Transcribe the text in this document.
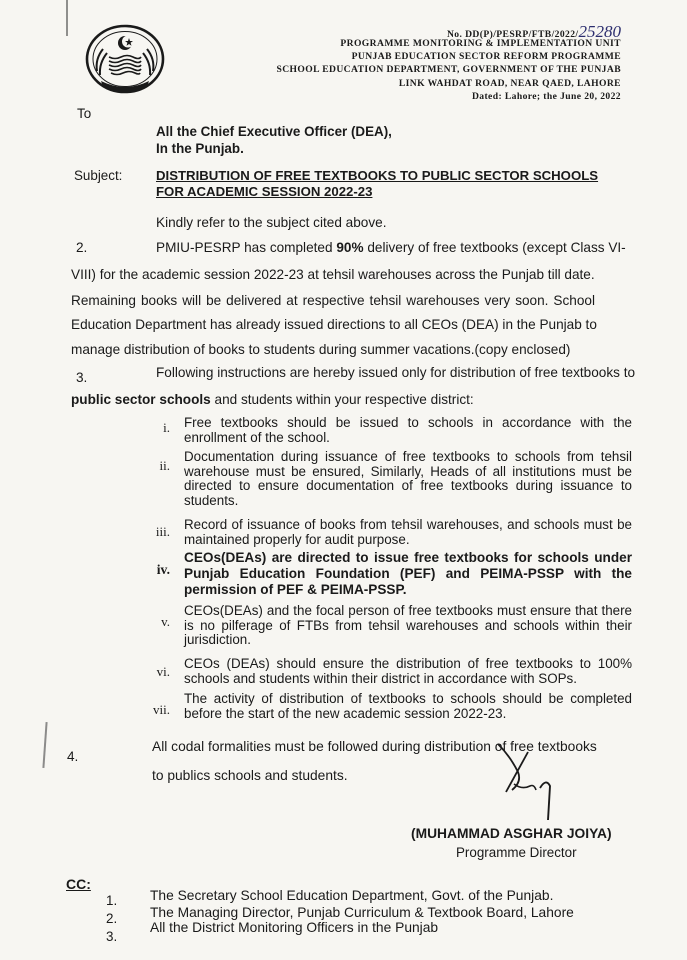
No. DD(P)/PESRP/FTB/2022/25280
PROGRAMME MONITORING & IMPLEMENTATION UNIT
PUNJAB EDUCATION SECTOR REFORM PROGRAMME
SCHOOL EDUCATION DEPARTMENT, GOVERNMENT OF THE PUNJAB
LINK WAHDAT ROAD, NEAR QAED, LAHORE
Dated: Lahore; the June 20, 2022
To
All the Chief Executive Officer (DEA),
In the Punjab.
Subject:	DISTRIBUTION OF FREE TEXTBOOKS TO PUBLIC SECTOR SCHOOLS
FOR ACADEMIC SESSION 2022-23
Kindly refer to the subject cited above.
2.	PMIU-PESRP has completed 90% delivery of free textbooks (except Class VI-
VIII) for the academic session 2022-23 at tehsil warehouses across the Punjab till date.
Remaining books will be delivered at respective tehsil warehouses very soon. School
Education Department has already issued directions to all CEOs (DEA) in the Punjab to
manage distribution of books to students during summer vacations.(copy enclosed)
3.	Following instructions are hereby issued only for distribution of free textbooks to
public sector schools and students within your respective district:
i. Free textbooks should be issued to schools in accordance with the enrollment of the school.
ii.
Documentation during issuance of free textbooks to schools from tehsil warehouse must be ensured, Similarly, Heads of all institutions must be directed to ensure documentation of free textbooks during issuance to students.
iii. Record of issuance of books from tehsil warehouses, and schools must be maintained properly for audit purpose.
iv.
CEOs(DEAs) are directed to issue free textbooks for schools under Punjab Education Foundation (PEF) and PEIMA-PSSP with the permission of PEF & PEIMA-PSSP.
v.
CEOs(DEAs) and the focal person of free textbooks must ensure that there is no pilferage of FTBs from tehsil warehouses and schools within their jurisdiction.
vi.
CEOs (DEAs) should ensure the distribution of free textbooks to 100% schools and students within their district in accordance with SOPs.
vii.
The activity of distribution of textbooks to schools should be completed before the start of the new academic session 2022-23.
4.
All codal formalities must be followed during distribution of free textbooks
to publics schools and students.
(MUHAMMAD ASGHAR JOIYA)
Programme Director
CC:
1. The Secretary School Education Department, Govt. of the Punjab.
2. The Managing Director, Punjab Curriculum & Textbook Board, Lahore
3.
All the District Monitoring Officers in the Punjab
